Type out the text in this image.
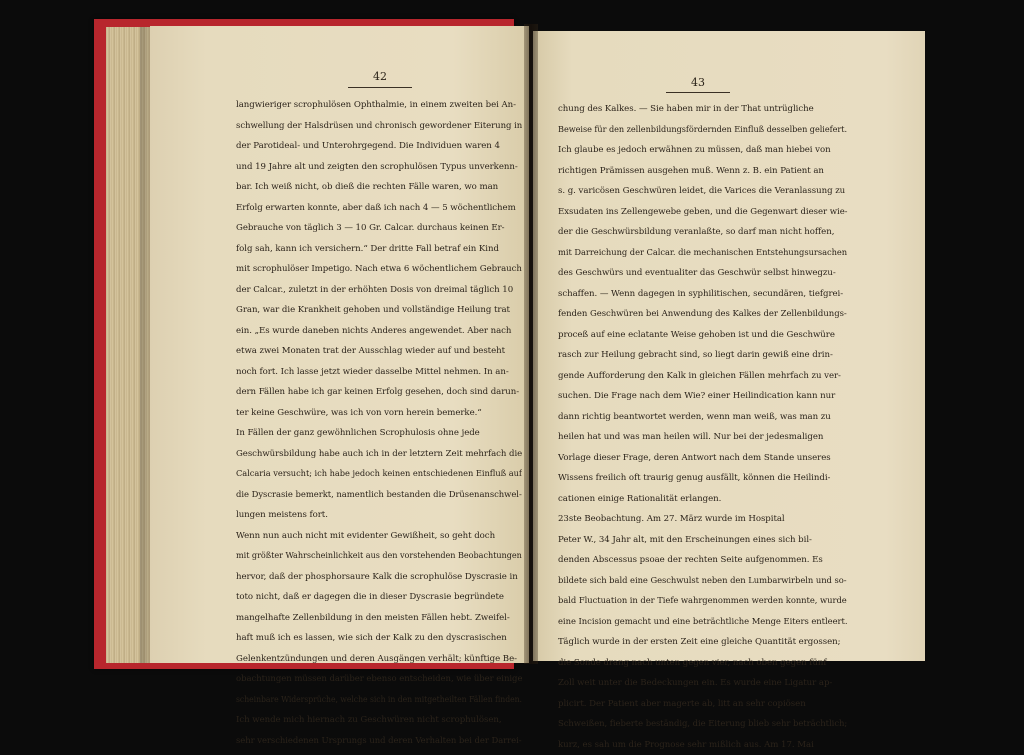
42	43
langwieriger scrophulösen Ophthalmie, in einem zweiten bei An-
schwellung der Halsdrüsen und chronisch gewordener Eiterung in
der Parotideal- und Unterohrgegend. Die Individuen waren 4
und 19 Jahre alt und zeigten den scrophulösen Typus unverkenn-
bar. Ich weiß nicht, ob dieß die rechten Fälle waren, wo man
Erfolg erwarten konnte, aber daß ich nach 4 — 5 wöchentlichem
Gebrauche von täglich 3 — 10 Gr. Calcar. durchaus keinen Er-
folg sah, kann ich versichern.“ Der dritte Fall betraf ein Kind
mit scrophulöser Impetigo. Nach etwa 6 wöchentlichem Gebrauch
der Calcar., zuletzt in der erhöhten Dosis von dreimal täglich 10
Gran, war die Krankheit gehoben und vollständige Heilung trat
ein. „Es wurde daneben nichts Anderes angewendet. Aber nach
etwa zwei Monaten trat der Ausschlag wieder auf und besteht
noch fort. Ich lasse jetzt wieder dasselbe Mittel nehmen. In an-
dern Fällen habe ich gar keinen Erfolg gesehen, doch sind darun-
ter keine Geschwüre, was ich von vorn herein bemerke.“
In Fällen der ganz gewöhnlichen Scrophulosis ohne jede
Geschwürsbildung habe auch ich in der letztern Zeit mehrfach die
Calcaria versucht; ich habe jedoch keinen entschiedenen Einfluß auf
die Dyscrasie bemerkt, namentlich bestanden die Drüsenanschwel-
lungen meistens fort.
Wenn nun auch nicht mit evidenter Gewißheit, so geht doch
mit größter Wahrscheinlichkeit aus den vorstehenden Beobachtungen
hervor, daß der phosphorsaure Kalk die scrophulöse Dyscrasie in
toto nicht, daß er dagegen die in dieser Dyscrasie begründete
mangelhafte Zellenbildung in den meisten Fällen hebt. Zweifel-
haft muß ich es lassen, wie sich der Kalk zu den dyscrasischen
Gelenkentzündungen und deren Ausgängen verhält; künftige Be-
obachtungen müssen darüber ebenso entscheiden, wie über einige
scheinbare Widersprüche, welche sich in den mitgetheilten Fällen finden.
Ich wende mich hiernach zu Geschwüren nicht scrophulösen,
sehr verschiedenen Ursprungs und deren Verhalten bei der Darrei-
chung des Kalkes. — Sie haben mir in der That untrügliche
Beweise für den zellenbildungsfördernden Einfluß desselben geliefert.
Ich glaube es jedoch erwähnen zu müssen, daß man hiebei von
richtigen Prämissen ausgehen muß. Wenn z. B. ein Patient an
s. g. varicösen Geschwüren leidet, die Varices die Veranlassung zu
Exsudaten ins Zellengewebe geben, und die Gegenwart dieser wie-
der die Geschwürsbildung veranlaßte, so darf man nicht hoffen,
mit Darreichung der Calcar. die mechanischen Entstehungsursachen
des Geschwürs und eventualiter das Geschwür selbst hinwegzu-
schaffen. — Wenn dagegen in syphilitischen, secundären, tiefgrei-
fenden Geschwüren bei Anwendung des Kalkes der Zellenbildungs-
proceß auf eine eclatante Weise gehoben ist und die Geschwüre
rasch zur Heilung gebracht sind, so liegt darin gewiß eine drin-
gende Aufforderung den Kalk in gleichen Fällen mehrfach zu ver-
suchen. Die Frage nach dem Wie? einer Heilindication kann nur
dann richtig beantwortet werden, wenn man weiß, was man zu
heilen hat und was man heilen will. Nur bei der jedesmaligen
Vorlage dieser Frage, deren Antwort nach dem Stande unseres
Wissens freilich oft traurig genug ausfällt, können die Heilindi-
cationen einige Rationalität erlangen.
23ste Beobachtung. Am 27. März wurde im Hospital
Peter W., 34 Jahr alt, mit den Erscheinungen eines sich bil-
denden Abscessus psoae der rechten Seite aufgenommen. Es
bildete sich bald eine Geschwulst neben den Lumbarwirbeln und so-
bald Fluctuation in der Tiefe wahrgenommen werden konnte, wurde
eine Incision gemacht und eine beträchtliche Menge Eiters entleert.
Täglich wurde in der ersten Zeit eine gleiche Quantität ergossen;
die Sonde drang nach unten gegen vier, nach oben gegen fünf
Zoll weit unter die Bedeckungen ein. Es wurde eine Ligatur ap-
plicirt. Der Patient aber magerte ab, litt an sehr copiösen
Schweißen, fieberte beständig, die Eiterung blieb sehr beträchtlich;
kurz, es sah um die Prognose sehr mißlich aus. Am 17. Mai
